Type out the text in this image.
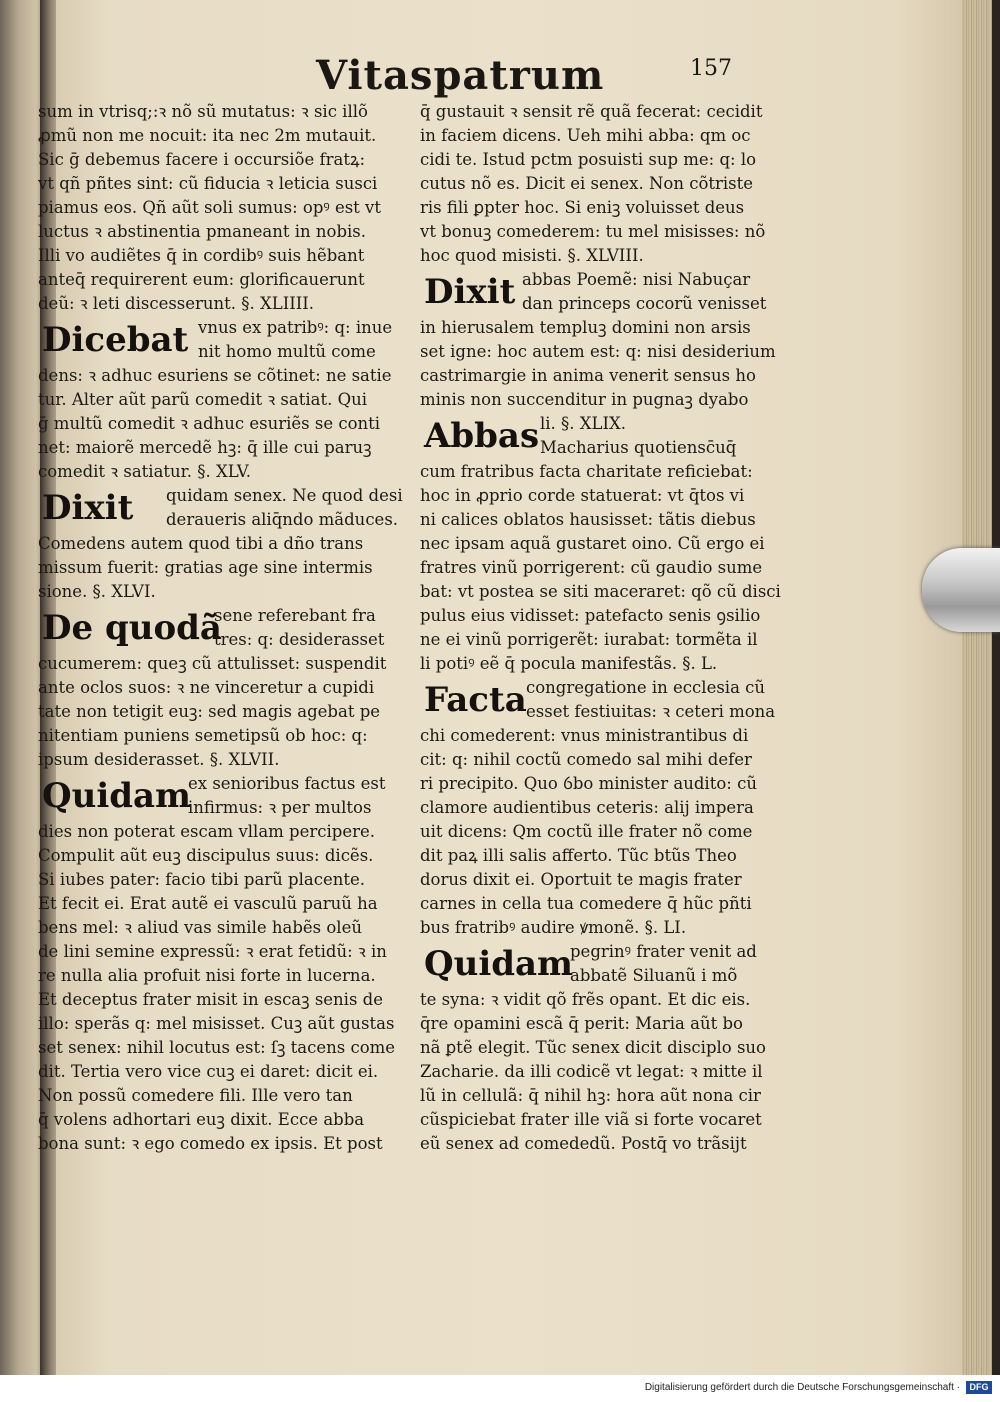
Vitaspatrum	157
sum in vtrisq;:ꝛ nõ sũ mutatus: ꝛ sic illõ
ꝓmũ non me nocuit: ita nec 2m mutauit.
Sic ḡ debemus facere i occursiõe fratꝝ:
vt qñ pñtes sint: cũ fiducia ꝛ leticia susci
piamus eos. Qñ aũt soli sumus: opꝰ est vt
luctus ꝛ abstinentia pmaneant in nobis.
Illi vo audiẽtes q̄ in cordibꝰ suis hẽbant
anteq̄ requirerent eum: glorificauerunt
deũ: ꝛ leti discesserunt. §. XLIIII.
Dicebat vnus ex patribꝰ: q: inue
nit homo multũ come
dens: ꝛ adhuc esuriens se cõtinet: ne satie
tur. Alter aũt parũ comedit ꝛ satiat. Qui
ḡ multũ comedit ꝛ adhuc esuriẽs se conti
net: maiorẽ mercedẽ hꝫ: q̄ ille cui paruꝫ
comedit ꝛ satiatur. §. XLV.
Dixit quidam senex. Ne quod desi
deraueris aliq̄ndo mãduces.
Comedens autem quod tibi a dño trans
missum fuerit: gratias age sine intermis
sione. §. XLVI.
De quodã
sene referebant fra
tres: q: desiderasset
cucumerem: queꝫ cũ attulisset: suspendit
ante oclos suos: ꝛ ne vinceretur a cupidi
tate non tetigit euꝫ: sed magis agebat pe
nitentiam puniens semetipsũ ob hoc: q:
ipsum desiderasset. §. XLVII.
Quidam
ex senioribus factus est
infirmus: ꝛ per multos
dies non poterat escam vllam percipere.
Compulit aũt euꝫ discipulus suus: dicẽs.
Si iubes pater: facio tibi parũ placente.
Et fecit ei. Erat autẽ ei vasculũ paruũ ha
bens mel: ꝛ aliud vas simile habẽs oleũ
de lini semine expressũ: ꝛ erat fetidũ: ꝛ in
re nulla alia profuit nisi forte in lucerna.
Et deceptus frater misit in escaꝫ senis de
illo: sperãs q: mel misisset. Cuꝫ aũt gustas
set senex: nihil locutus est: ſꝫ tacens come
dit. Tertia vero vice cuꝫ ei daret: dicit ei.
Non possũ comedere fili. Ille vero tan
q̄ volens adhortari euꝫ dixit. Ecce abba
bona sunt: ꝛ ego comedo ex ipsis. Et post
q̄ gustauit ꝛ sensit rẽ quã fecerat: cecidit
in faciem dicens. Ueh mihi abba: qm oc
cidi te. Istud pctm posuisti sup me: q: lo
cutus nõ es. Dicit ei senex. Non cõtriste
ris fili ꝑpter hoc. Si eniꝫ voluisset deus
vt bonuꝫ comederem: tu mel misisses: nõ
hoc quod misisti. §. XLVIII.
Dixit abbas Poemẽ: nisi Nabuçar
dan princeps cocorũ venisset
in hierusalem templuꝫ domini non arsis
set igne: hoc autem est: q: nisi desiderium
castrimargie in anima venerit sensus ho
minis non succenditur in pugnaꝫ dyabo
Abbas li. §. XLIX.
Macharius quotiensc̄uq̄
cum fratribus facta charitate reficiebat:
hoc in ꝓprio corde statuerat: vt q̄tos vi
ni calices oblatos hausisset: tãtis diebus
nec ipsam aquã gustaret oino. Cũ ergo ei
fratres vinũ porrigerent: cũ gaudio sume
bat: vt postea se siti maceraret: qõ cũ disci
pulus eius vidisset: patefacto senis ꝯsilio
ne ei vinũ porrigerẽt: iurabat: tormẽta il
li potiꝰ eẽ q̄ pocula manifestãs. §. L.
Facta congregatione in ecclesia cũ
esset festiuitas: ꝛ ceteri mona
chi comederent: vnus ministrantibus di
cit: q: nihil coctũ comedo sal mihi defer
ri precipito. Quo ỽbo minister audito: cũ
clamore audientibus ceteris: alij impera
uit dicens: Qm coctũ ille frater nõ come
dit paꝝ illi salis afferto. Tũc btũs Theo
dorus dixit ei. Oportuit te magis frater
carnes in cella tua comedere q̄ hũc pñti
bus fratribꝰ audire ꝟmonẽ. §. LI.
Quidam
pegrinꝰ frater venit ad
abbatẽ Siluanũ i mõ
te syna: ꝛ vidit qõ frẽs opant. Et dic eis.
q̄re opamini escã q̄ perit: Maria aũt bo
nã ꝑtẽ elegit. Tũc senex dicit disciplo suo
Zacharie. da illi codicẽ vt legat: ꝛ mitte il
lũ in cellulã: q̄ nihil hꝫ: hora aũt nona cir
cũspiciebat frater ille viã si forte vocaret
eũ senex ad comededũ. Postq̄ vo trãsijt
Digitalisierung gefördert durch die Deutsche Forschungsgemeinschaft ·	DFG
